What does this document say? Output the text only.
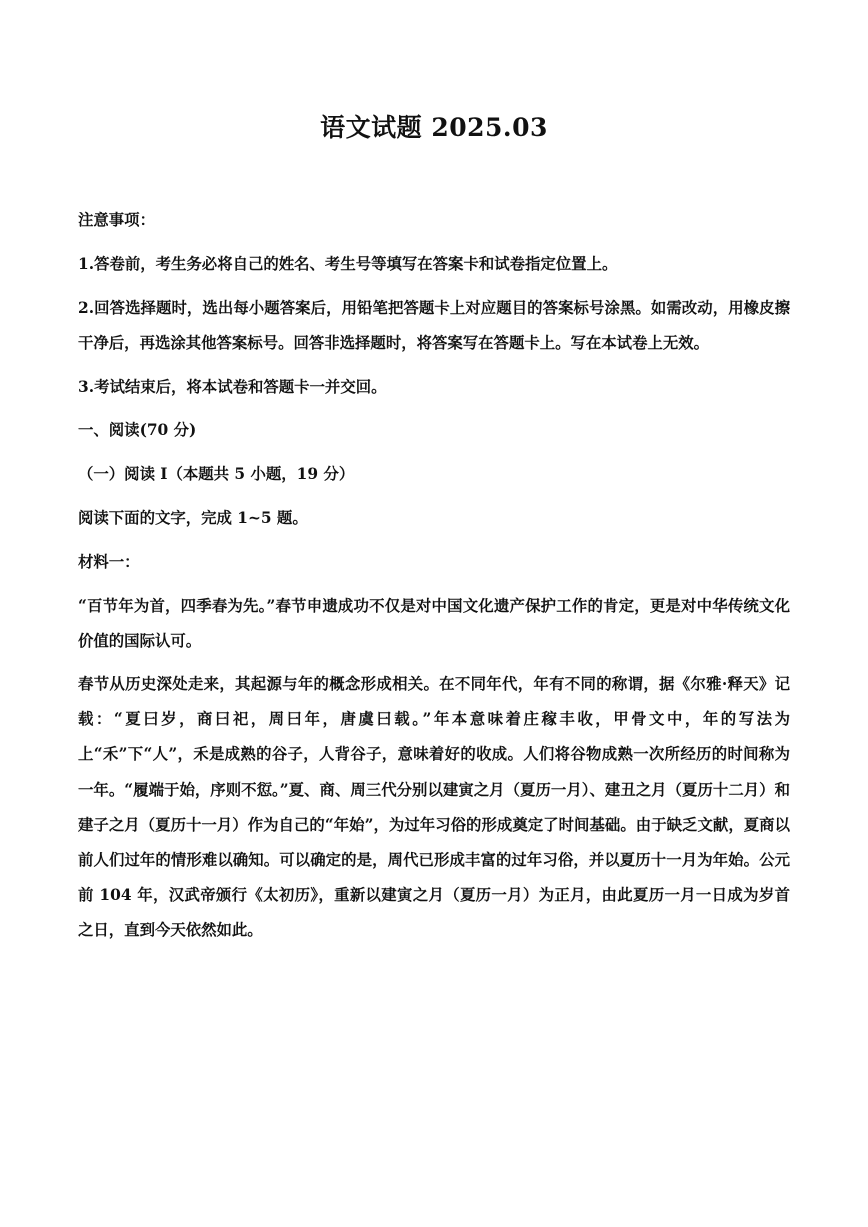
语文试题 2025.03

注意事项：

1.答卷前，考生务必将自己的姓名、考生号等填写在答案卡和试卷指定位置上。

2.回答选择题时，选出每小题答案后，用铅笔把答题卡上对应题目的答案标号涂黑。如需改动，用橡皮擦干净后，再选涂其他答案标号。回答非选择题时，将答案写在答题卡上。写在本试卷上无效。

3.考试结束后，将本试卷和答题卡一并交回。

一、阅读(70 分)

（一）阅读 I（本题共 5 小题，19 分）

阅读下面的文字，完成 1~5 题。

材料一：

“百节年为首，四季春为先。”春节申遗成功不仅是对中国文化遗产保护工作的肯定，更是对中华传统文化价值的国际认可。

春节从历史深处走来，其起源与年的概念形成相关。在不同年代，年有不同的称谓，据《尔雅·释天》记载：“夏曰岁，商曰祀，周曰年，唐虞曰载。”年本意味着庄稼丰收，甲骨文中，年的写法为上“禾”下“人”，禾是成熟的谷子，人背谷子，意味着好的收成。人们将谷物成熟一次所经历的时间称为一年。“履端于始，序则不愆。”夏、商、周三代分别以建寅之月（夏历一月）、建丑之月（夏历十二月）和建子之月（夏历十一月）作为自己的“年始”，为过年习俗的形成奠定了时间基础。由于缺乏文献，夏商以前人们过年的情形难以确知。可以确定的是，周代已形成丰富的过年习俗，并以夏历十一月为年始。公元前 104 年，汉武帝颁行《太初历》，重新以建寅之月（夏历一月）为正月，由此夏历一月一日成为岁首之日，直到今天依然如此。
